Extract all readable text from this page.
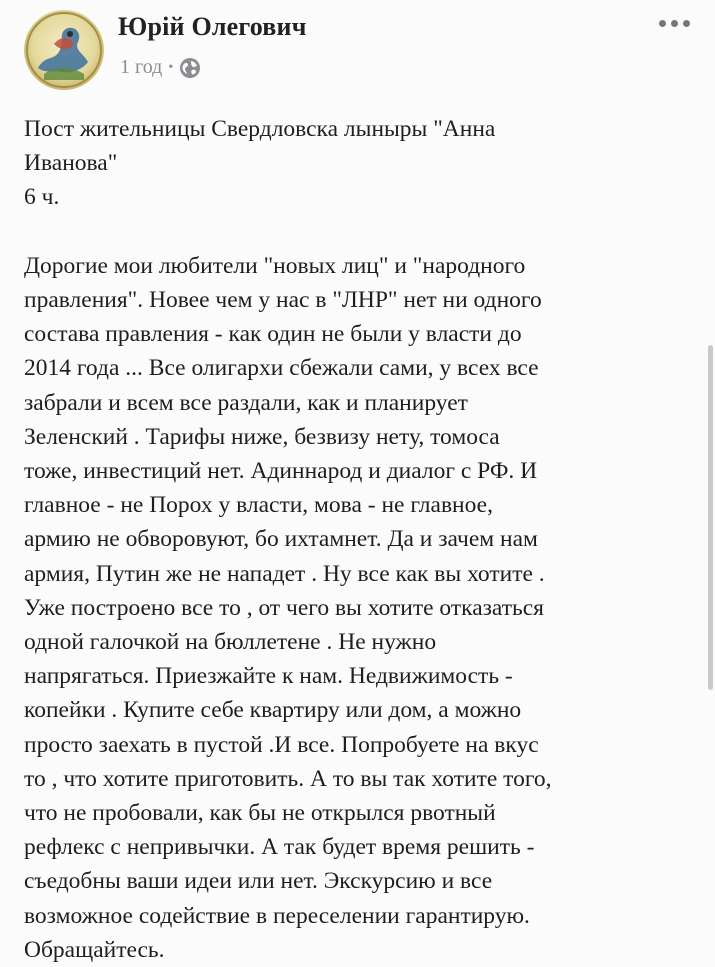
Юрій Олегович
1 год •
Пост жительницы Свердловска лыныры "Анна
Иванова"
6 ч.

Дорогие мои любители "новых лиц" и "народного
правления". Новее чем у нас в "ЛНР" нет ни одного
состава правления - как один не были у власти до
2014 года ... Все олигархи сбежали сами, у всех все
забрали и всем все раздали, как и планирует
Зеленский . Тарифы ниже, безвизу нету, томоса
тоже, инвестиций нет. Адиннарод и диалог с РФ. И
главное - не Порох у власти, мова - не главное,
армию не обворовуют, бо ихтамнет. Да и зачем нам
армия, Путин же не нападет . Ну все как вы хотите .
Уже построено все то , от чего вы хотите отказаться
одной галочкой на бюллетене . Не нужно
напрягаться. Приезжайте к нам. Недвижимость -
копейки . Купите себе квартиру или дом, а можно
просто заехать в пустой .И все. Попробуете на вкус
то , что хотите приготовить. А то вы так хотите того,
что не пробовали, как бы не открылся рвотный
рефлекс с непривычки. А так будет время решить -
съедобны ваши идеи или нет. Экскурсию и все
возможное содействие в переселении гарантирую.
Обращайтесь.
